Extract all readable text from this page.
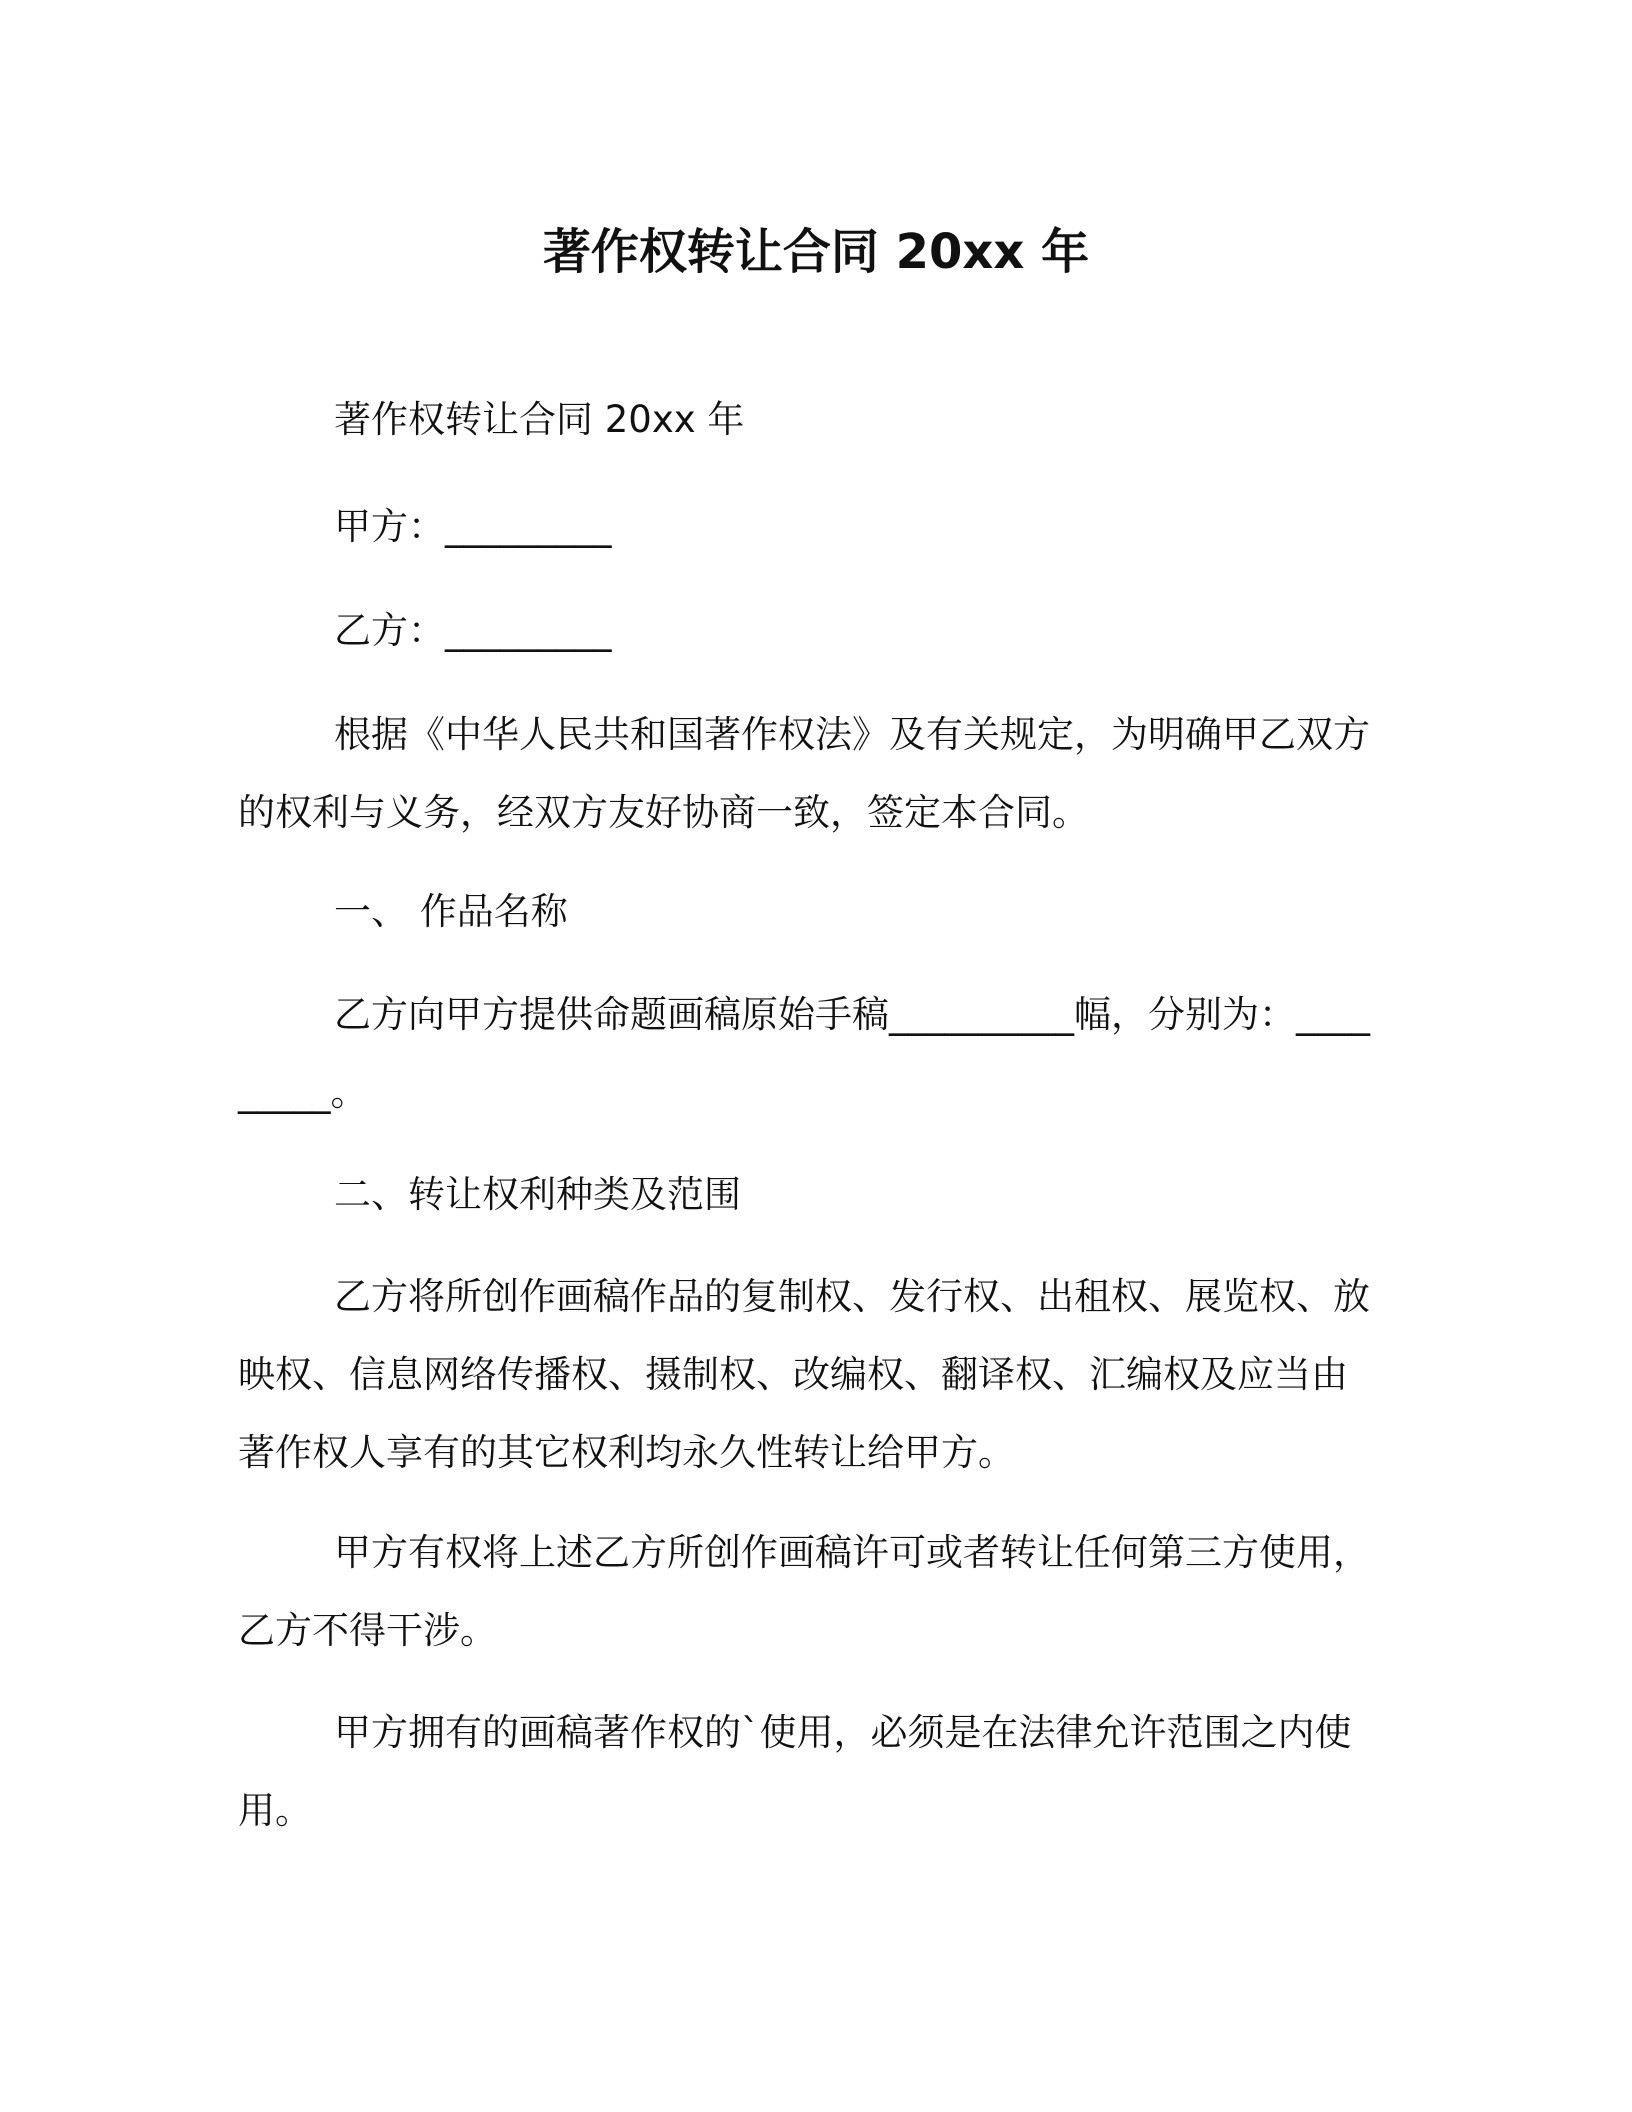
著作权转让合同 20xx 年
著作权转让合同 20xx 年
甲方：_________
乙方：_________

根据《中华人民共和国著作权法》及有关规定，为明确甲乙双方的权利与义务，经双方友好协商一致，签定本合同。

一、 作品名称

乙方向甲方提供命题画稿原始手稿__________幅，分别为：_________。

二、转让权利种类及范围

乙方将所创作画稿作品的复制权、发行权、出租权、展览权、放映权、信息网络传播权、摄制权、改编权、翻译权、汇编权及应当由著作权人享有的其它权利均永久性转让给甲方。

甲方有权将上述乙方所创作画稿许可或者转让任何第三方使用，乙方不得干涉。

甲方拥有的画稿著作权的`使用，必须是在法律允许范围之内使用。
